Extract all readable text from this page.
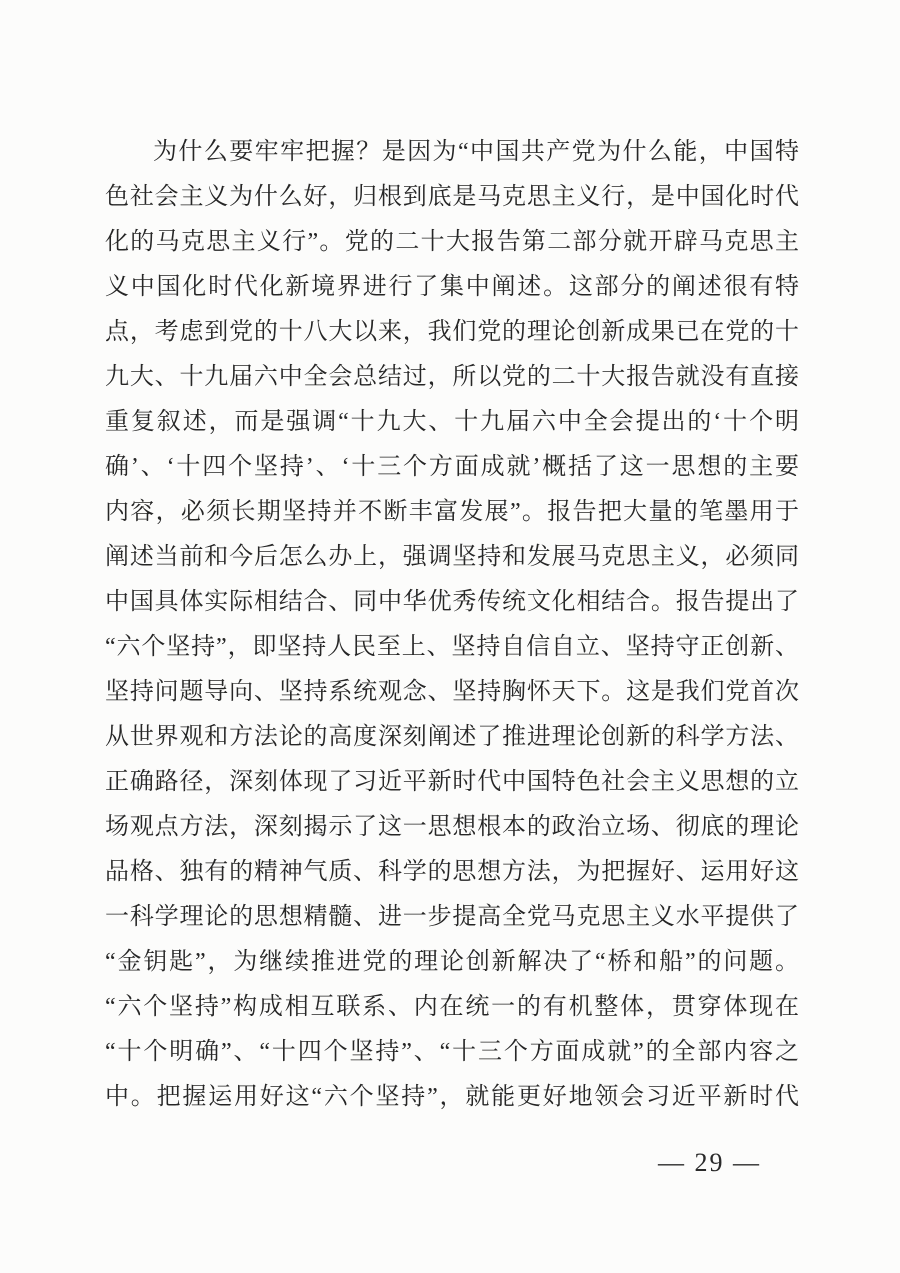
为什么要牢牢把握？是因为“中国共产党为什么能，中国特
色社会主义为什么好，归根到底是马克思主义行，是中国化时代
化的马克思主义行”。党的二十大报告第二部分就开辟马克思主
义中国化时代化新境界进行了集中阐述。这部分的阐述很有特
点，考虑到党的十八大以来，我们党的理论创新成果已在党的十
九大、十九届六中全会总结过，所以党的二十大报告就没有直接
重复叙述，而是强调“十九大、十九届六中全会提出的‘十个明
确’、‘十四个坚持’、‘十三个方面成就’概括了这一思想的主要
内容，必须长期坚持并不断丰富发展”。报告把大量的笔墨用于
阐述当前和今后怎么办上，强调坚持和发展马克思主义，必须同
中国具体实际相结合、同中华优秀传统文化相结合。报告提出了
“六个坚持”，即坚持人民至上、坚持自信自立、坚持守正创新、
坚持问题导向、坚持系统观念、坚持胸怀天下。这是我们党首次
从世界观和方法论的高度深刻阐述了推进理论创新的科学方法、
正确路径，深刻体现了习近平新时代中国特色社会主义思想的立
场观点方法，深刻揭示了这一思想根本的政治立场、彻底的理论
品格、独有的精神气质、科学的思想方法，为把握好、运用好这
一科学理论的思想精髓、进一步提高全党马克思主义水平提供了
“金钥匙”，为继续推进党的理论创新解决了“桥和船”的问题。
“六个坚持”构成相互联系、内在统一的有机整体，贯穿体现在
“十个明确”、“十四个坚持”、“十三个方面成就”的全部内容之
中。把握运用好这“六个坚持”，就能更好地领会习近平新时代
— 29 —
